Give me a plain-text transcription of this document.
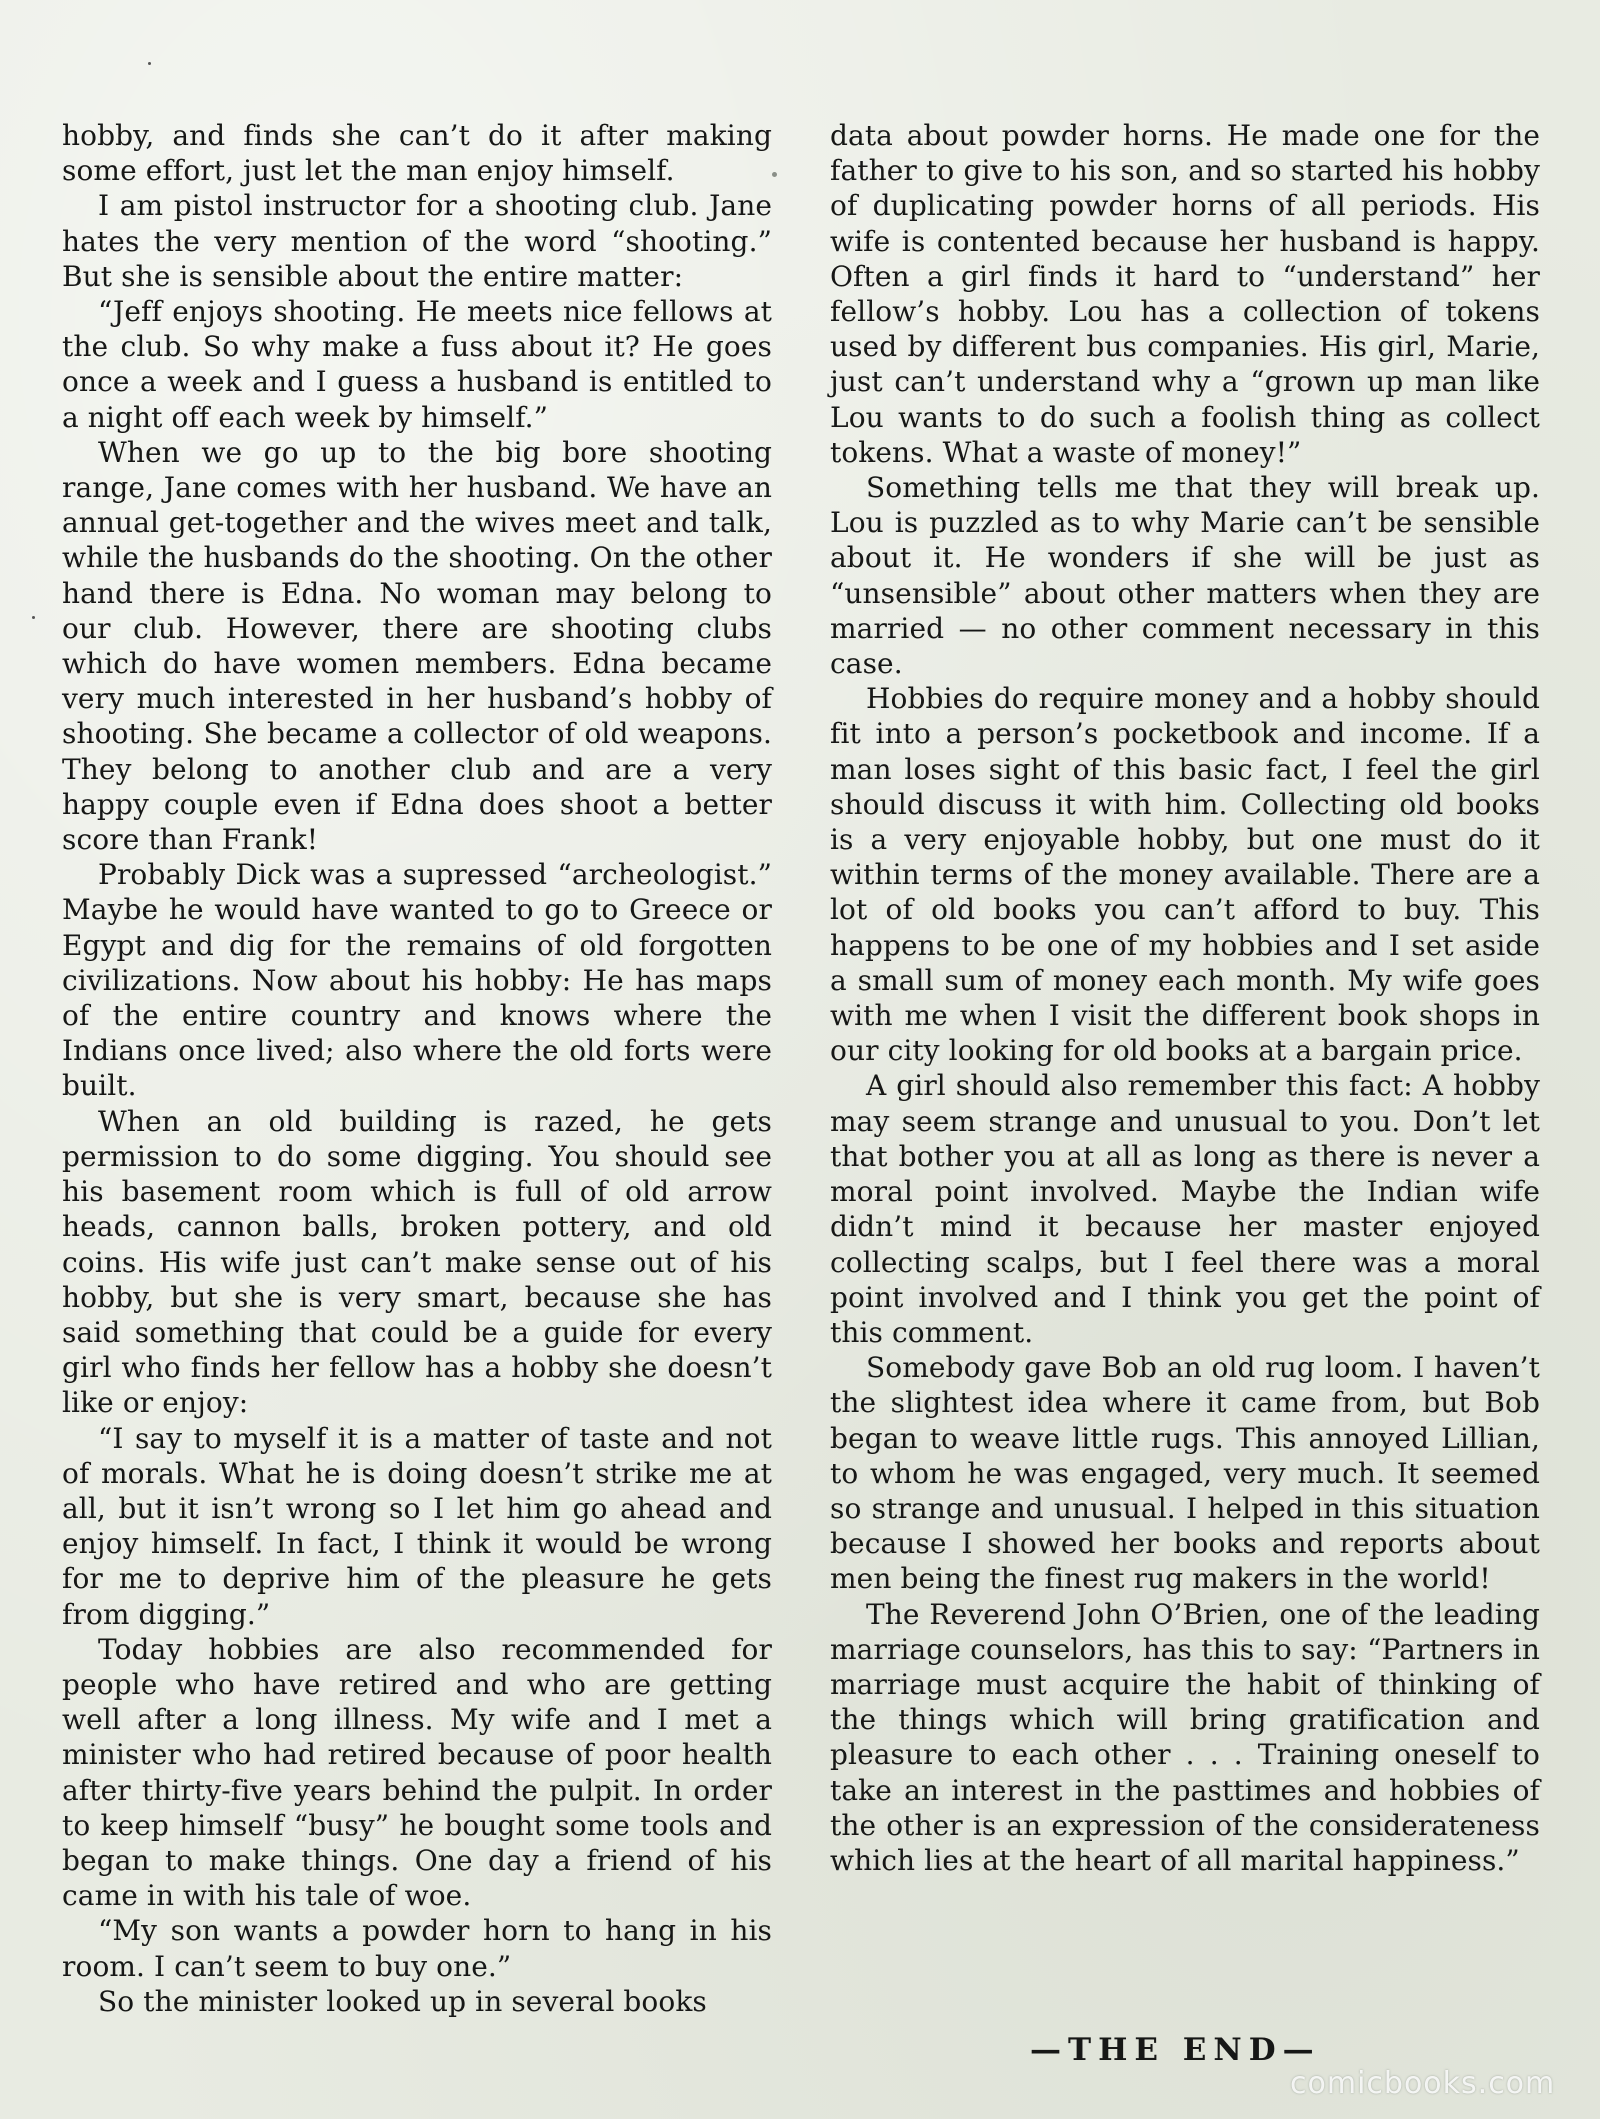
hobby, and finds she can’t do it after making some effort, just let the man enjoy himself.

I am pistol instructor for a shooting club. Jane hates the very mention of the word “shooting.” But she is sensible about the entire matter:

“Jeff enjoys shooting. He meets nice fellows at the club. So why make a fuss about it? He goes once a week and I guess a husband is entitled to a night off each week by himself.”

When we go up to the big bore shooting range, Jane comes with her husband. We have an annual get-together and the wives meet and talk, while the husbands do the shooting. On the other hand there is Edna. No woman may belong to our club. However, there are shooting clubs which do have women members. Edna became very much interested in her husband’s hobby of shooting. She became a collector of old weapons. They belong to another club and are a very happy couple even if Edna does shoot a better score than Frank!

Probably Dick was a supressed “archeologist.” Maybe he would have wanted to go to Greece or Egypt and dig for the remains of old forgotten civilizations. Now about his hobby: He has maps of the entire country and knows where the Indians once lived; also where the old forts were built.

When an old building is razed, he gets permission to do some digging. You should see his basement room which is full of old arrow heads, cannon balls, broken pottery, and old coins. His wife just can’t make sense out of his hobby, but she is very smart, because she has said something that could be a guide for every girl who finds her fellow has a hobby she doesn’t like or enjoy:

“I say to myself it is a matter of taste and not of morals. What he is doing doesn’t strike me at all, but it isn’t wrong so I let him go ahead and enjoy himself. In fact, I think it would be wrong for me to deprive him of the pleasure he gets from digging.”

Today hobbies are also recommended for people who have retired and who are getting well after a long illness. My wife and I met a minister who had retired because of poor health after thirty-five years behind the pulpit. In order to keep himself “busy” he bought some tools and began to make things. One day a friend of his came in with his tale of woe.

“My son wants a powder horn to hang in his room. I can’t seem to buy one.”

So the minister looked up in several books

data about powder horns. He made one for the father to give to his son, and so started his hobby of duplicating powder horns of all periods. His wife is contented because her husband is happy. Often a girl finds it hard to “understand” her fellow’s hobby. Lou has a collection of tokens used by different bus companies. His girl, Marie, just can’t understand why a “grown up man like Lou wants to do such a foolish thing as collect tokens. What a waste of money!”

Something tells me that they will break up. Lou is puzzled as to why Marie can’t be sensible about it. He wonders if she will be just as “unsensible” about other matters when they are married — no other comment necessary in this case.

Hobbies do require money and a hobby should fit into a person’s pocketbook and income. If a man loses sight of this basic fact, I feel the girl should discuss it with him. Collecting old books is a very enjoyable hobby, but one must do it within terms of the money available. There are a lot of old books you can’t afford to buy. This happens to be one of my hobbies and I set aside a small sum of money each month. My wife goes with me when I visit the different book shops in our city looking for old books at a bargain price.

A girl should also remember this fact: A hobby may seem strange and unusual to you. Don’t let that bother you at all as long as there is never a moral point involved. Maybe the Indian wife didn’t mind it because her master enjoyed collecting scalps, but I feel there was a moral point involved and I think you get the point of this comment.

Somebody gave Bob an old rug loom. I haven’t the slightest idea where it came from, but Bob began to weave little rugs. This annoyed Lillian, to whom he was engaged, very much. It seemed so strange and unusual. I helped in this situation because I showed her books and reports about men being the finest rug makers in the world!

The Reverend John O’Brien, one of the leading marriage counselors, has this to say: “Partners in marriage must acquire the habit of thinking of the things which will bring gratification and pleasure to each other . . . Training oneself to take an interest in the pasttimes and hobbies of the other is an expression of the considerateness which lies at the heart of all marital happiness.”

—THE END—
comicbooks.com
